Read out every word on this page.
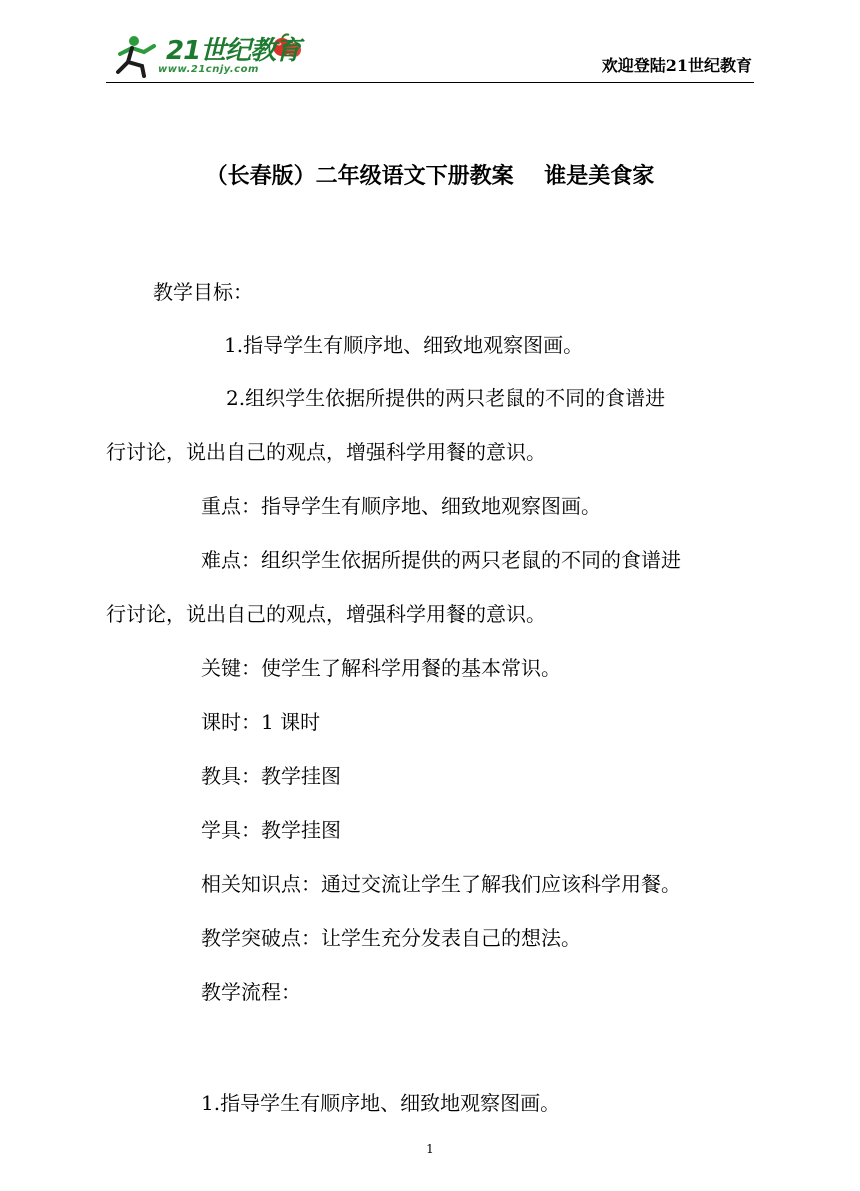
21世纪教育
www.21cnjy.com	欢迎登陆21世纪教育
（长春版）二年级语文下册教案    谁是美食家
教学目标：
1.指导学生有顺序地、细致地观察图画。
2.组织学生依据所提供的两只老鼠的不同的食谱进
行讨论，说出自己的观点，增强科学用餐的意识。
重点：指导学生有顺序地、细致地观察图画。
难点：组织学生依据所提供的两只老鼠的不同的食谱进
行讨论，说出自己的观点，增强科学用餐的意识。
关键：使学生了解科学用餐的基本常识。
课时：1 课时
教具：教学挂图
学具：教学挂图
相关知识点：通过交流让学生了解我们应该科学用餐。
教学突破点：让学生充分发表自己的想法。
教学流程：
1.指导学生有顺序地、细致地观察图画。
1
